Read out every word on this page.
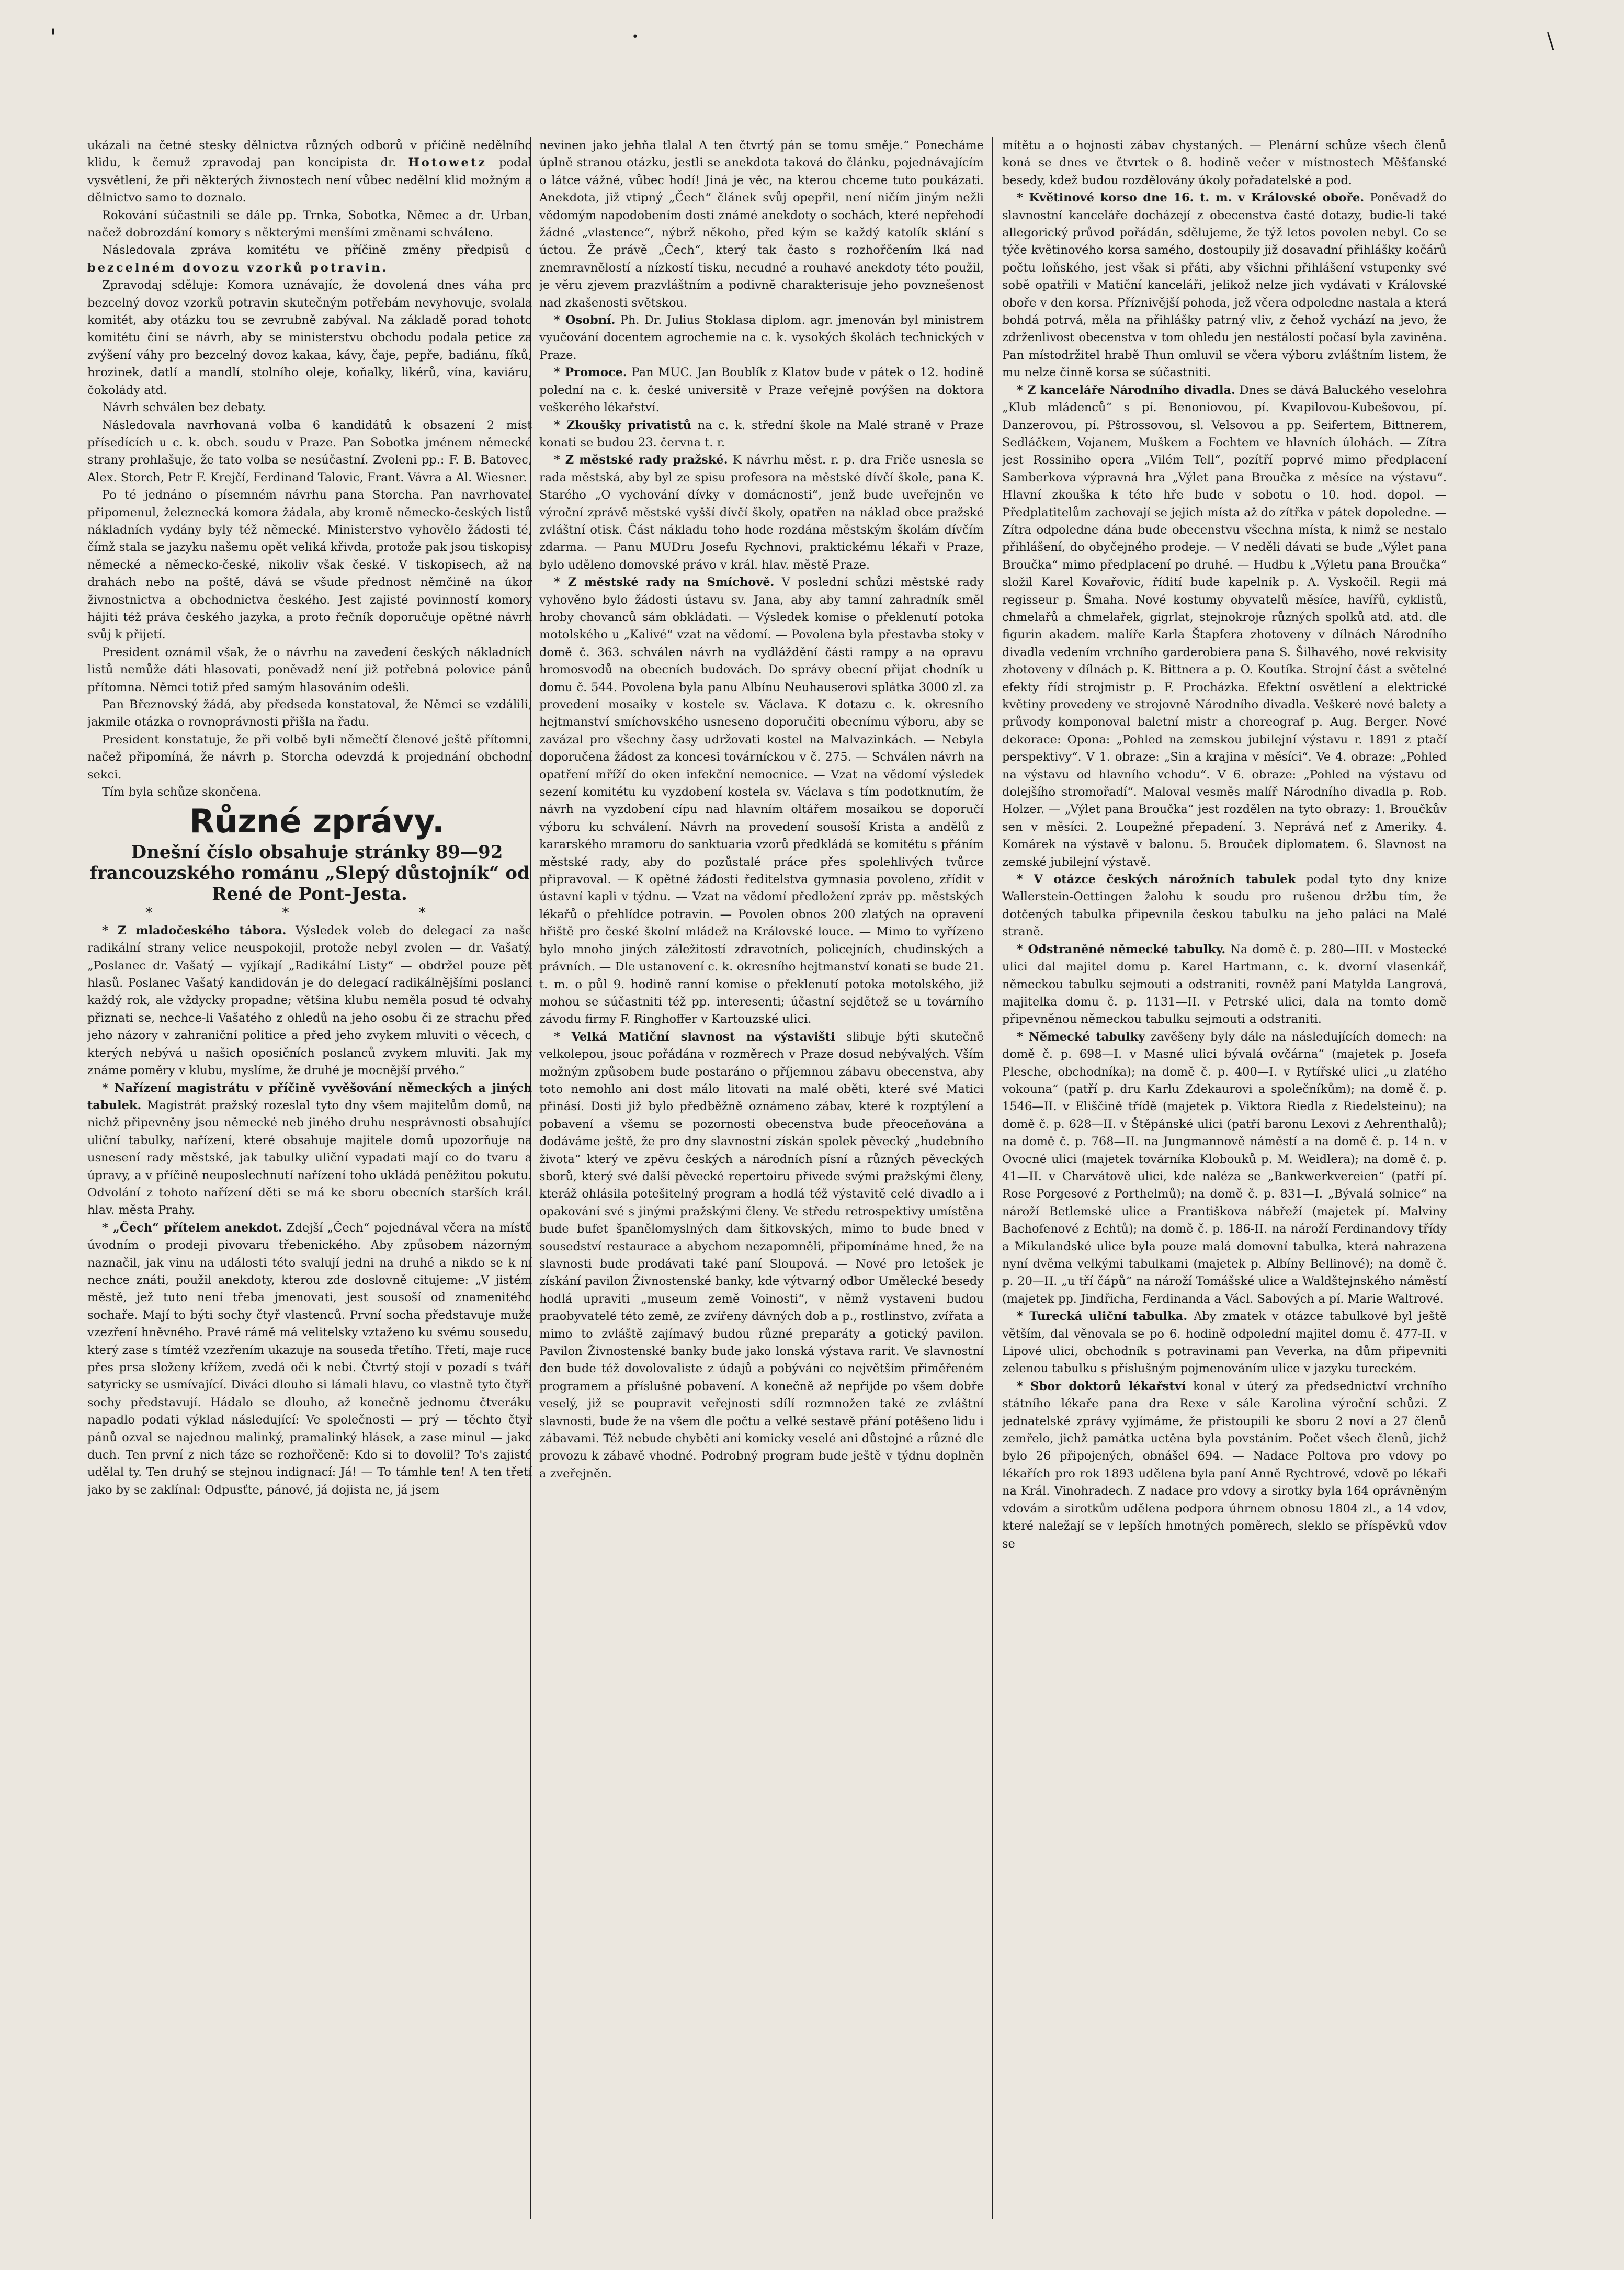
'	•	\

ukázali na četné stesky dělnictva různých odborů v příčině nedělního klidu, k čemuž zpravodaj pan koncipista dr. Hotowetz podal vysvětlení, že při některých živnostech není vůbec nedělní klid možným a dělnictvo samo to doznalo.

Rokování súčastnili se dále pp. Trnka, Sobotka, Němec a dr. Urban, načež dobrozdání komory s některými menšími změnami schváleno.

Následovala zpráva komitétu ve příčině změny předpisů o bezcelném dovozu vzorků potravin.

Zpravodaj sděluje: Komora uznávajíc, že dovolená dnes váha pro bezcelný dovoz vzorků potravin skutečným potřebám nevyhovuje, svolala komitét, aby otázku tou se zevrubně zabýval. Na základě porad tohoto komitétu činí se návrh, aby se ministerstvu obchodu podala petice za zvýšení váhy pro bezcelný dovoz kakaa, kávy, čaje, pepře, badiánu, fíků, hrozinek, datlí a mandlí, stolního oleje, koňalky, likérů, vína, kaviáru, čokolády atd.

Návrh schválen bez debaty.

Následovala navrhovaná volba 6 kandidátů k obsazení 2 míst přísedících u c. k. obch. soudu v Praze. Pan Sobotka jménem německé strany prohlašuje, že tato volba se nesúčastní. Zvoleni pp.: F. B. Batovec, Alex. Storch, Petr F. Krejčí, Ferdinand Talovic, Frant. Vávra a Al. Wiesner.

Po té jednáno o písemném návrhu pana Storcha. Pan navrhovatel připomenul, železnecká komora žádala, aby kromě německo-českých listů nákladních vydány byly též německé. Ministerstvo vyhovělo žádosti té, čímž stala se jazyku našemu opět veliká křivda, protože pak jsou tiskopisy německé a německo-české, nikoliv však české. V tiskopisech, až na drahách nebo na poště, dává se všude přednost němčině na úkor živnostnictva a obchodnictva českého. Jest zajisté povinností komory hájiti též práva českého jazyka, a proto řečník doporučuje opětné návrh svůj k přijetí.

President oznámil však, že o návrhu na zavedení českých nákladních listů nemůže dáti hlasovati, poněvadž není již potřebná polovice pánů přítomna. Němci totiž před samým hlasováním odešli.

Pan Březnovský žádá, aby předseda konstatoval, že Němci se vzdálili, jakmile otázka o rovnoprávnosti přišla na řadu.

President konstatuje, že při volbě byli němečtí členové ještě přítomni, načež připomíná, že návrh p. Storcha odevzdá k projednání obchodní sekci.

Tím byla schůze skončena.

Různé zprávy.

Dnešní číslo obsahuje stránky 89—92 francouzského románu „Slepý důstojník“ od René de Pont-Jesta.

* * *

* Z mladočeského tábora. Výsledek voleb do delegací za naše radikální strany velice neuspokojil, protože nebyl zvolen — dr. Vašatý. „Poslanec dr. Vašatý — vyjíkají „Radikální Listy“ — obdržel pouze pět hlasů. Poslanec Vašatý kandidován je do delegací radikálnějšími poslanci každý rok, ale vždycky propadne; většina klubu neměla posud té odvahy přiznati se, nechce-li Vašatého z ohledů na jeho osobu či ze strachu před jeho názory v zahraniční politice a před jeho zvykem mluviti o věcech, o kterých nebývá u našich oposičních poslanců zvykem mluviti. Jak my známe poměry v klubu, myslíme, že druhé je mocnější prvého.“

* Nařízení magistrátu v příčině vyvěšování německých a jiných tabulek. Magistrát pražský rozeslal tyto dny všem majitelům domů, na nichž připevněny jsou německé neb jiného druhu nesprávnosti obsahující uliční tabulky, nařízení, které obsahuje majitele domů upozorňuje na usnesení rady městské, jak tabulky uliční vypadati mají co do tvaru a úpravy, a v příčině neuposlechnutí nařízení toho ukládá peněžitou pokutu. Odvolání z tohoto nařízení děti se má ke sboru obecních starších král. hlav. města Prahy.

* „Čech“ přítelem anekdot. Zdejší „Čech“ pojednával včera na místě úvodním o prodeji pivovaru třebenického. Aby způsobem názorným naznačil, jak vinu na události této svalují jedni na druhé a nikdo se k ní nechce znáti, použil anekdoty, kterou zde doslovně citujeme: „V jistém městě, jež tuto není třeba jmenovati, jest sousoší od znamenitého sochaře. Mají to býti sochy čtyř vlastenců. První socha představuje muže vzezření hněvného. Pravé rámě má velitelsky vztaženo ku svému sousedu, který zase s tímtéž vzezřením ukazuje na souseda třetího. Třetí, maje ruce přes prsa složeny křížem, zvedá oči k nebi. Čtvrtý stojí v pozadí s tváří satyricky se usmívající. Diváci dlouho si lámali hlavu, co vlastně tyto čtyři sochy představují. Hádalo se dlouho, až konečně jednomu čtveráku napadlo podati výklad následující: Ve společnosti — prý — těchto čtyř pánů ozval se najednou malinký, pramalinký hlásek, a zase minul — jako duch. Ten první z nich táze se rozhořčeně: Kdo si to dovolil? To's zajisté udělal ty. Ten druhý se stejnou indignací: Já! — To támhle ten! A ten třetí jako by se zaklínal: Odpusťte, pánové, já dojista ne, já jsem

nevinen jako jehňa tlalal A ten čtvrtý pán se tomu směje.“ Ponecháme úplně stranou otázku, jestli se anekdota taková do článku, pojednávajícím o látce vážné, vůbec hodí! Jiná je věc, na kterou chceme tuto poukázati. Anekdota, již vtipný „Čech“ článek svůj opepřil, není ničím jiným nežli vědomým napodobením dosti známé anekdoty o sochách, které nepřehodí žádné „vlastence“, nýbrž někoho, před kým se každý katolík sklání s úctou. Že právě „Čech“, který tak často s rozhořčením lká nad znemravnělostí a nízkostí tisku, necudné a rouhavé anekdoty této použil, je věru zjevem prazvláštním a podivně charakterisuje jeho povznešenost nad zkašenosti světskou.

* Osobní. Ph. Dr. Julius Stoklasa diplom. agr. jmenován byl ministrem vyučování docentem agrochemie na c. k. vysokých školách technických v Praze.

* Promoce. Pan MUC. Jan Boublík z Klatov bude v pátek o 12. hodině polední na c. k. české universitě v Praze veřejně povýšen na doktora veškerého lékařství.

* Zkoušky privatistů na c. k. střední škole na Malé straně v Praze konati se budou 23. června t. r.

* Z městské rady pražské. K návrhu měst. r. p. dra Friče usnesla se rada městská, aby byl ze spisu profesora na městské dívčí škole, pana K. Starého „O vychování dívky v domácnosti“, jenž bude uveřejněn ve výroční zprávě městské vyšší dívčí školy, opatřen na náklad obce pražské zvláštní otisk. Část nákladu toho hode rozdána městským školám dívčím zdarma. — Panu MUDru Josefu Rychnovi, praktickému lékaři v Praze, bylo uděleno domovské právo v král. hlav. městě Praze.

* Z městské rady na Smíchově. V poslední schůzi městské rady vyhověno bylo žádosti ústavu sv. Jana, aby aby tamní zahradník směl hroby chovanců sám obkládati. — Výsledek komise o překlenutí potoka motolského u „Kalivé“ vzat na vědomí. — Povolena byla přestavba stoky v domě č. 363. schválen návrh na vydláždění části rampy a na opravu hromosvodů na obecních budovách. Do správy obecní přijat chodník u domu č. 544. Povolena byla panu Albínu Neuhauserovi splátka 3000 zl. za provedení mosaiky v kostele sv. Václava. K dotazu c. k. okresního hejtmanství smíchovského usneseno doporučiti obecnímu výboru, aby se zavázal pro všechny časy udržovati kostel na Malvazinkách. — Nebyla doporučena žádost za koncesi továrníckou v č. 275. — Schválen návrh na opatření mříží do oken infekční nemocnice. — Vzat na vědomí výsledek sezení komitétu ku vyzdobení kostela sv. Václava s tím podotknutím, že návrh na vyzdobení cípu nad hlavním oltářem mosaikou se doporučí výboru ku schválení. Návrh na provedení sousoší Krista a andělů z kararského mramoru do sanktuaria vzorů předkládá se komitétu s přáním městské rady, aby do pozůstalé práce přes spolehlivých tvůrce připravoval. — K opětné žádosti ředitelstva gymnasia povoleno, zřídit v ústavní kapli v týdnu. — Vzat na vědomí předložení zpráv pp. městských lékařů o přehlídce potravin. — Povolen obnos 200 zlatých na opravení hřiště pro české školní mládež na Královské louce. — Mimo to vyřízeno bylo mnoho jiných záležitostí zdravotních, policejních, chudinských a právních. — Dle ustanovení c. k. okresního hejtmanství konati se bude 21. t. m. o půl 9. hodině ranní komise o překlenutí potoka motolského, již mohou se súčastniti též pp. interesenti; účastní sejdětež se u továrního závodu firmy F. Ringhoffer v Kartouzské ulici.

* Velká Matiční slavnost na výstavišti slibuje býti skutečně velkolepou, jsouc pořádána v rozměrech v Praze dosud nebývalých. Vším možným způsobem bude postaráno o příjemnou zábavu obecenstva, aby toto nemohlo ani dost málo litovati na malé oběti, které své Matici přinásí. Dosti již bylo předběžně oznámeno zábav, které k rozptýlení a pobavení a všemu se pozornosti obecenstva bude přeoceňována a dodáváme ještě, že pro dny slavnostní získán spolek pěvecký „hudebního života“ který ve zpěvu českých a národních písní a různých pěveckých sborů, který své další pěvecké repertoiru přivede svými pražskými členy, kteráž ohlásila potešitelný program a hodlá též výstavitě celé divadlo a i opakování své s jinými pražskými členy. Ve středu retrospektivy umístěna bude bufet španělomyslných dam šitkovských, mimo to bude bned v sousedství restaurace a abychom nezapomněli, připomínáme hned, že na slavnosti bude prodávati také paní Sloupová. — Nové pro letošek je získání pavilon Živnostenské banky, kde výtvarný odbor Umělecké besedy hodlá upraviti „museum země Voinosti“, v němž vystaveni budou praobyvatelé této země, ze zvířeny dávných dob a p., rostlinstvo, zvířata a mimo to zvláště zajímavý budou různé preparáty a gotický pavilon. Pavilon Živnostenské banky bude jako lonská výstava rarit. Ve slavnostní den bude též dovolovaliste z údajů a pobýváni co největším přiměřeném programem a příslušné pobavení. A konečně až nepřijde po všem dobře veselý, již se poupravit veřejnosti sdílí rozmnožen také ze zvláštní slavnosti, bude že na všem dle počtu a velké sestavě přání potěšeno lidu i zábavami. Též nebude chyběti ani komicky veselé ani důstojné a různé dle provozu k zábavě vhodné. Podrobný program bude ještě v týdnu doplněn a zveřejněn.

mítětu a o hojnosti zábav chystaných. — Plenární schůze všech členů koná se dnes ve čtvrtek o 8. hodině večer v místnostech Měšťanské besedy, kdež budou rozdělovány úkoly pořadatelské a pod.

* Květinové korso dne 16. t. m. v Královské oboře. Poněvadž do slavnostní kanceláře docházejí z obecenstva časté dotazy, budie-li také allegorický průvod pořádán, sdělujeme, že týž letos povolen nebyl. Co se týče květinového korsa samého, dostoupily již dosavadní přihlášky kočárů počtu loňského, jest však si přáti, aby všichni přihlášení vstupenky své sobě opatřili v Matiční kanceláři, jelikož nelze jich vydávati v Královské oboře v den korsa. Příznivější pohoda, jež včera odpoledne nastala a která bohdá potrvá, měla na přihlášky patrný vliv, z čehož vychází na jevo, že zdrženlivost obecenstva v tom ohledu jen nestálostí počasí byla zaviněna. Pan místodržitel hrabě Thun omluvil se včera výboru zvláštním listem, že mu nelze činně korsa se súčastniti.

* Z kanceláře Národního divadla. Dnes se dává Baluckého veselohra „Klub mládenců“ s pí. Benoniovou, pí. Kvapilovou-Kubešovou, pí. Danzerovou, pí. Pštrossovou, sl. Velsovou a pp. Seifertem, Bittnerem, Sedláčkem, Vojanem, Muškem a Fochtem ve hlavních úlohách. — Zítra jest Rossiniho opera „Vilém Tell“, pozítří poprvé mimo předplacení Samberkova výpravná hra „Výlet pana Broučka z měsíce na výstavu“. Hlavní zkouška k této hře bude v sobotu o 10. hod. dopol. — Předplatitelům zachovají se jejich místa až do zítřka v pátek dopoledne. — Zítra odpoledne dána bude obecenstvu všechna místa, k nimž se nestalo přihlášení, do obyčejného prodeje. — V neděli dávati se bude „Výlet pana Broučka“ mimo předplacení po druhé. — Hudbu k „Výletu pana Broučka“ složil Karel Kovařovic, řídití bude kapelník p. A. Vyskočil. Regii má regisseur p. Šmaha. Nové kostumy obyvatelů měsíce, havířů, cyklistů, chmelařů a chmelařek, gigrlat, stejnokroje různých spolků atd. atd. dle figurin akadem. malíře Karla Štapfera zhotoveny v dílnách Národního divadla vedením vrchního garderobiera pana S. Šilhavého, nové rekvisity zhotoveny v dílnách p. K. Bittnera a p. O. Koutíka. Strojní část a světelné efekty řídí strojmistr p. F. Procházka. Efektní osvětlení a elektrické květiny provedeny ve strojovně Národního divadla. Veškeré nové balety a průvody komponoval baletní mistr a choreograf p. Aug. Berger. Nové dekorace: Opona: „Pohled na zemskou jubilejní výstavu r. 1891 z ptačí perspektivy“. V 1. obraze: „Sin a krajina v měsíci“. Ve 4. obraze: „Pohled na výstavu od hlavního vchodu“. V 6. obraze: „Pohled na výstavu od dolejšího stromořadí“. Maloval vesměs malíř Národního divadla p. Rob. Holzer. — „Výlet pana Broučka“ jest rozdělen na tyto obrazy: 1. Broučkův sen v měsíci. 2. Loupežné přepadení. 3. Neprává neť z Ameriky. 4. Komárek na výstavě v balonu. 5. Brouček diplomatem. 6. Slavnost na zemské jubilejní výstavě.

* V otázce českých nárožních tabulek podal tyto dny knize Wallerstein-Oettingen žalohu k soudu pro rušenou držbu tím, že dotčených tabulka připevnila českou tabulku na jeho paláci na Malé straně.

* Odstraněné německé tabulky. Na domě č. p. 280—III. v Mostecké ulici dal majitel domu p. Karel Hartmann, c. k. dvorní vlasenkář, německou tabulku sejmouti a odstraniti, rovněž paní Matylda Langrová, majitelka domu č. p. 1131—II. v Petrské ulici, dala na tomto domě připevněnou německou tabulku sejmouti a odstraniti.

* Německé tabulky zavěšeny byly dále na následujících domech: na domě č. p. 698—I. v Masné ulici bývalá ovčárna“ (majetek p. Josefa Plesche, obchodníka); na domě č. p. 400—I. v Rytířské ulici „u zlatého vokouna“ (patří p. dru Karlu Zdekaurovi a společníkům); na domě č. p. 1546—II. v Eliščině třídě (majetek p. Viktora Riedla z Riedelsteinu); na domě č. p. 628—II. v Štěpánské ulici (patří baronu Lexovi z Aehrenthalů); na domě č. p. 768—II. na Jungmannově náměstí a na domě č. p. 14 n. v Ovocné ulici (majetek továrníka Klobouků p. M. Weidlera); na domě č. p. 41—II. v Charvátově ulici, kde naléza se „Bankwerkvereien“ (patří pí. Rose Porgesové z Porthelmů); na domě č. p. 831—I. „Bývalá solnice“ na nároží Betlemské ulice a Františkova nábřeží (majetek pí. Malviny Bachofenové z Echtů); na domě č. p. 186-II. na nároží Ferdinandovy třídy a Mikulandské ulice byla pouze malá domovní tabulka, která nahrazena nyní dvěma velkými tabulkami (majetek p. Albíny Bellinové); na domě č. p. 20—II. „u tří čápů“ na nároží Tomášské ulice a Waldštejnského náměstí (majetek pp. Jindřicha, Ferdinanda a Václ. Sabových a pí. Marie Waltrové.

* Turecká uliční tabulka. Aby zmatek v otázce tabulkové byl ještě větším, dal věnovala se po 6. hodině odpolední majitel domu č. 477-II. v Lipové ulici, obchodník s potravinami pan Veverka, na dům připevniti zelenou tabulku s příslušným pojmenováním ulice v jazyku tureckém.

* Sbor doktorů lékařství konal v úterý za předsednictví vrchního státního lékaře pana dra Rexe v sále Karolina výroční schůzi. Z jednatelské zprávy vyjímáme, že přistoupili ke sboru 2 noví a 27 členů zemřelo, jichž památka uctěna byla povstáním. Počet všech členů, jichž bylo 26 připojených, obnášel 694. — Nadace Poltova pro vdovy po lékařích pro rok 1893 udělena byla paní Anně Rychtrové, vdově po lékaři na Král. Vinohradech. Z nadace pro vdovy a sirotky byla 164 oprávněným vdovám a sirotkům udělena podpora úhrnem obnosu 1804 zl., a 14 vdov, které naležají se v lepších hmotných poměrech, sleklo se příspěvků vdov se
